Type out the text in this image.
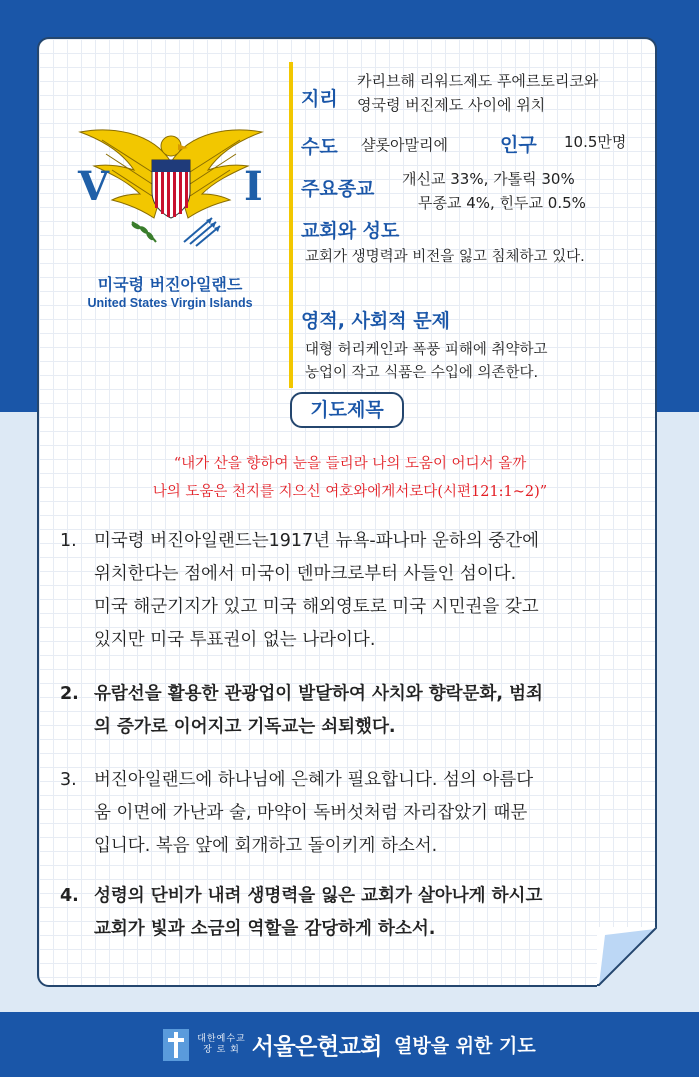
V	I
미국령 버진아일랜드
United States Virgin Islands
지리
카리브해 리워드제도 푸에르토리코와
영국령 버진제도 사이에 위치
수도 샬롯아말리에	인구 10.5만명
주요종교 개신교 33%, 가톨릭 30%
무종교 4%, 힌두교 0.5%
교회와 성도
교회가 생명력과 비전을 잃고 침체하고 있다.
영적, 사회적 문제
대형 허리케인과 폭풍 피해에 취약하고
농업이 작고 식품은 수입에 의존한다.
기도제목
“내가 산을 향하여 눈을 들리라 나의 도움이 어디서 올까
나의 도움은 천지를 지으신 여호와에게서로다(시편121:1~2)”
1. 미국령 버진아일랜드는1917년 뉴욕-파나마 운하의 중간에
위치한다는 점에서 미국이 덴마크로부터 사들인 섬이다.
미국 해군기지가 있고 미국 해외영토로 미국 시민권을 갖고
있지만 미국 투표권이 없는 나라이다.
2. 유람선을 활용한 관광업이 발달하여 사치와 향락문화, 범죄
의 증가로 이어지고 기독교는 쇠퇴했다.
3. 버진아일랜드에 하나님에 은혜가 필요합니다. 섬의 아름다
움 이면에 가난과 술, 마약이 독버섯처럼 자리잡았기 때문
입니다. 복음 앞에 회개하고 돌이키게 하소서.
4. 성령의 단비가 내려 생명력을 잃은 교회가 살아나게 하시고
교회가 빛과 소금의 역할을 감당하게 하소서.
대한예수교
장 로 회 서울은현교회 열방을 위한 기도
